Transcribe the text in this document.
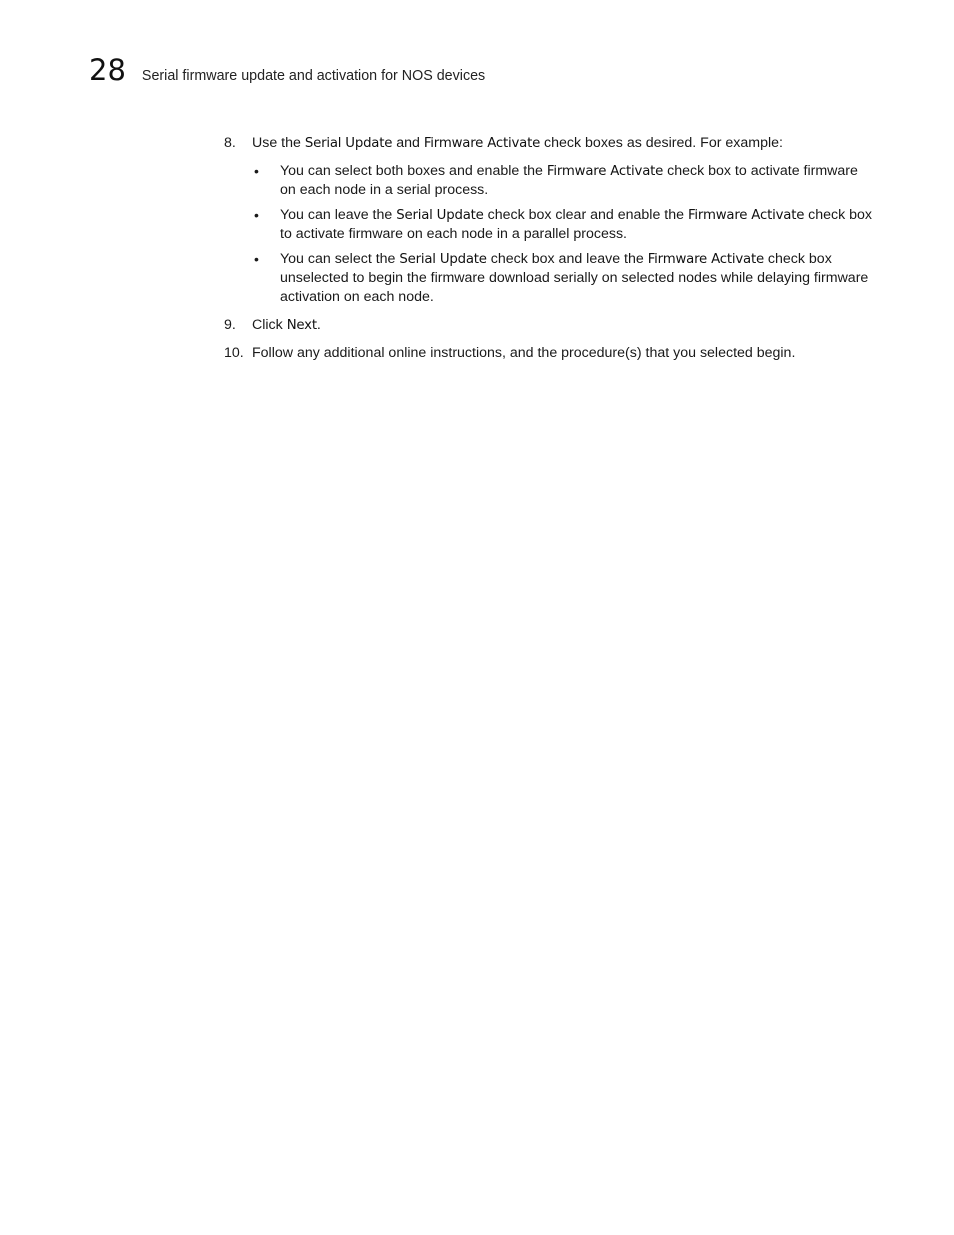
28 Serial firmware update and activation for NOS devices
8. Use the Serial Update and Firmware Activate check boxes as desired. For example:
• You can select both boxes and enable the Firmware Activate check box to activate firmware on each node in a serial process.
• You can leave the Serial Update check box clear and enable the Firmware Activate check box to activate firmware on each node in a parallel process.
• You can select the Serial Update check box and leave the Firmware Activate check box unselected to begin the firmware download serially on selected nodes while delaying firmware activation on each node.
9. Click Next.
10. Follow any additional online instructions, and the procedure(s) that you selected begin.
